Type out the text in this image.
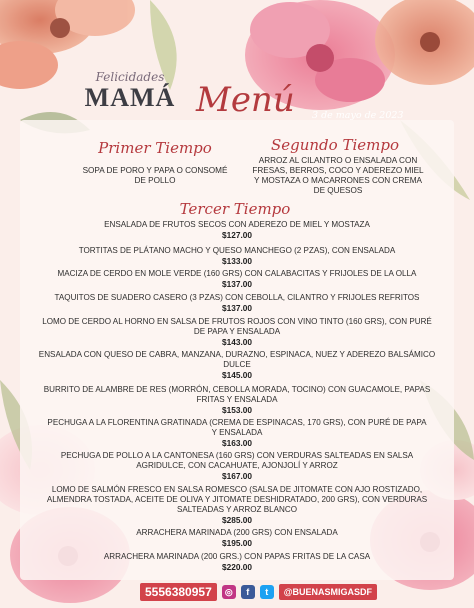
Felicidades
MAMÁ Menú 3 de mayo de 2023
Primer Tiempo
SOPA DE PORO Y PAPA O CONSOMÉ DE POLLO
Segundo Tiempo
ARROZ AL CILANTRO O ENSALADA CON FRESAS, BERROS, COCO Y ADEREZO MIEL Y MOSTAZA O MACARRONES CON CREMA DE QUESOS
Tercer Tiempo
ENSALADA DE FRUTOS SECOS CON ADEREZO DE MIEL Y MOSTAZA
$127.00
TORTITAS DE PLÁTANO MACHO Y QUESO MANCHEGO (2 PZAS), CON ENSALADA
$133.00
MACIZA DE CERDO EN MOLE VERDE (160 GRS) CON CALABACITAS Y FRIJOLES DE LA OLLA
$137.00
TAQUITOS DE SUADERO CASERO (3 PZAS) CON CEBOLLA, CILANTRO Y FRIJOLES REFRITOS
$137.00
LOMO DE CERDO AL HORNO EN SALSA DE FRUTOS ROJOS CON VINO TINTO (160 GRS), CON PURÉ DE PAPA Y ENSALADA
$143.00
ENSALADA CON QUESO DE CABRA, MANZANA, DURAZNO, ESPINACA, NUEZ Y ADEREZO BALSÁMICO DULCE
$145.00
BURRITO DE ALAMBRE DE RES (MORRÓN, CEBOLLA MORADA, TOCINO) CON GUACAMOLE, PAPAS FRITAS Y ENSALADA
$153.00
PECHUGA A LA FLORENTINA GRATINADA (CREMA DE ESPINACAS, 170 GRS), CON PURÉ DE PAPA Y ENSALADA
$163.00
PECHUGA DE POLLO A LA CANTONESA (160 GRS) CON VERDURAS SALTEADAS EN SALSA AGRIDULCE, CON CACAHUATE, AJONJOLÍ Y ARROZ
$167.00
LOMO DE SALMÓN FRESCO EN SALSA ROMESCO (SALSA DE JITOMATE CON AJO ROSTIZADO, ALMENDRA TOSTADA, ACEITE DE OLIVA Y JITOMATE DESHIDRATADO, 200 GRS), CON VERDURAS SALTEADAS Y ARROZ BLANCO
$285.00
ARRACHERA MARINADA (200 GRS) CON ENSALADA
$195.00
ARRACHERA MARINADA (200 GRS.) CON PAPAS FRITAS DE LA CASA
$220.00
5556380957	◎	f	t	@BUENASMIGASDF
